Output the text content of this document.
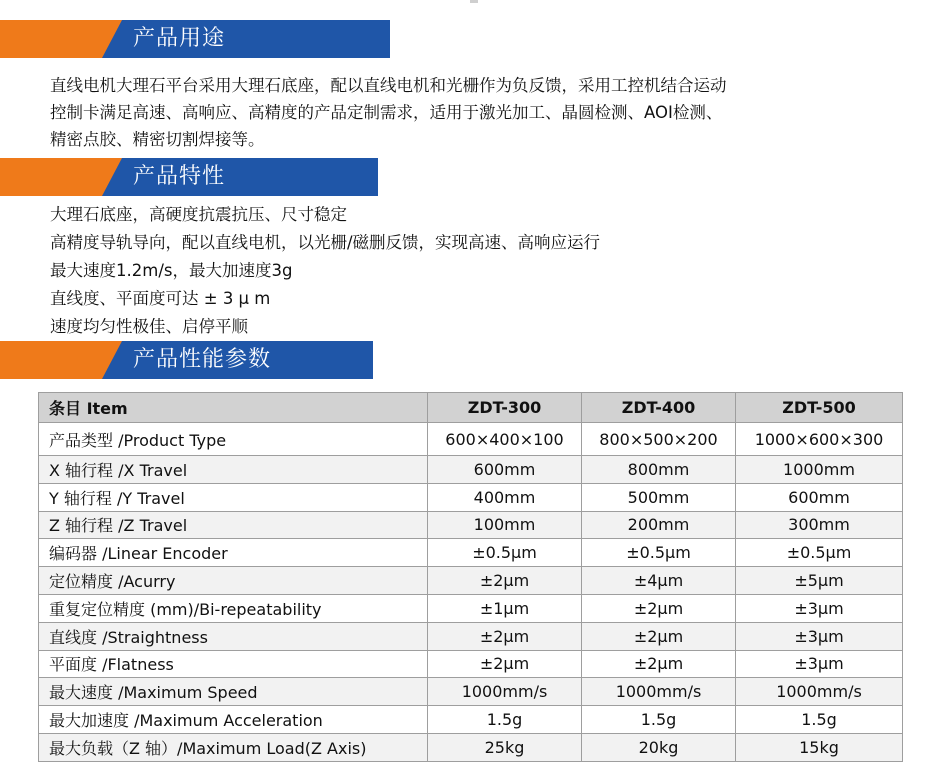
产品用途
直线电机大理石平台采用大理石底座，配以直线电机和光栅作为负反馈，采用工控机结合运动
控制卡满足高速、高响应、高精度的产品定制需求，适用于激光加工、晶圆检测、AOI检测、
精密点胶、精密切割焊接等。
产品特性
大理石底座，高硬度抗震抗压、尺寸稳定
高精度导轨导向，配以直线电机，以光栅/磁删反馈，实现高速、高响应运行
最大速度1.2m/s，最大加速度3g
直线度、平面度可达 ± 3 μ m
速度均匀性极佳、启停平顺
产品性能参数
条目 Item	ZDT-300	ZDT-400	ZDT-500
产品类型 /Product Type	600×400×100	800×500×200	1000×600×300
X 轴行程 /X Travel	600mm	800mm	1000mm
Y 轴行程 /Y Travel	400mm	500mm	600mm
Z 轴行程 /Z Travel	100mm	200mm	300mm
编码器 /Linear Encoder	±0.5μm	±0.5μm	±0.5μm
定位精度 /Acurry	±2μm	±4μm	±5μm
重复定位精度 (mm)/Bi-repeatability	±1μm	±2μm	±3μm
直线度 /Straightness	±2μm	±2μm	±3μm
平面度 /Flatness	±2μm	±2μm	±3μm
最大速度 /Maximum Speed	1000mm/s	1000mm/s	1000mm/s
最大加速度 /Maximum Acceleration	1.5g	1.5g	1.5g
最大负载（Z 轴）/Maximum Load(Z Axis)	25kg	20kg	15kg
